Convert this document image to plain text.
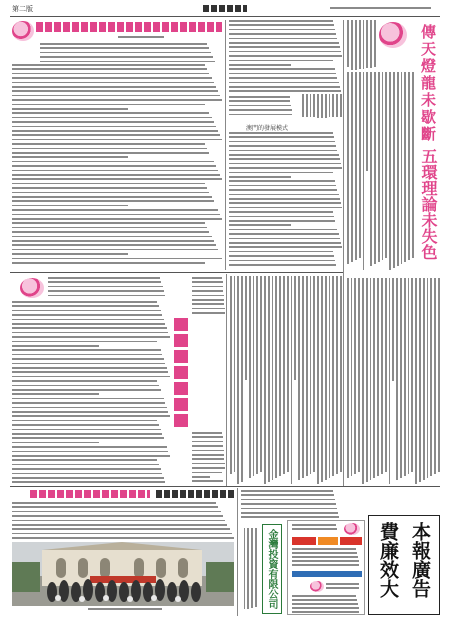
第二版
澳門的發展模式	傳天燈龍未歇斷
五環理論未失色
金灣投資有限公司	本報廣告
費廉效大
